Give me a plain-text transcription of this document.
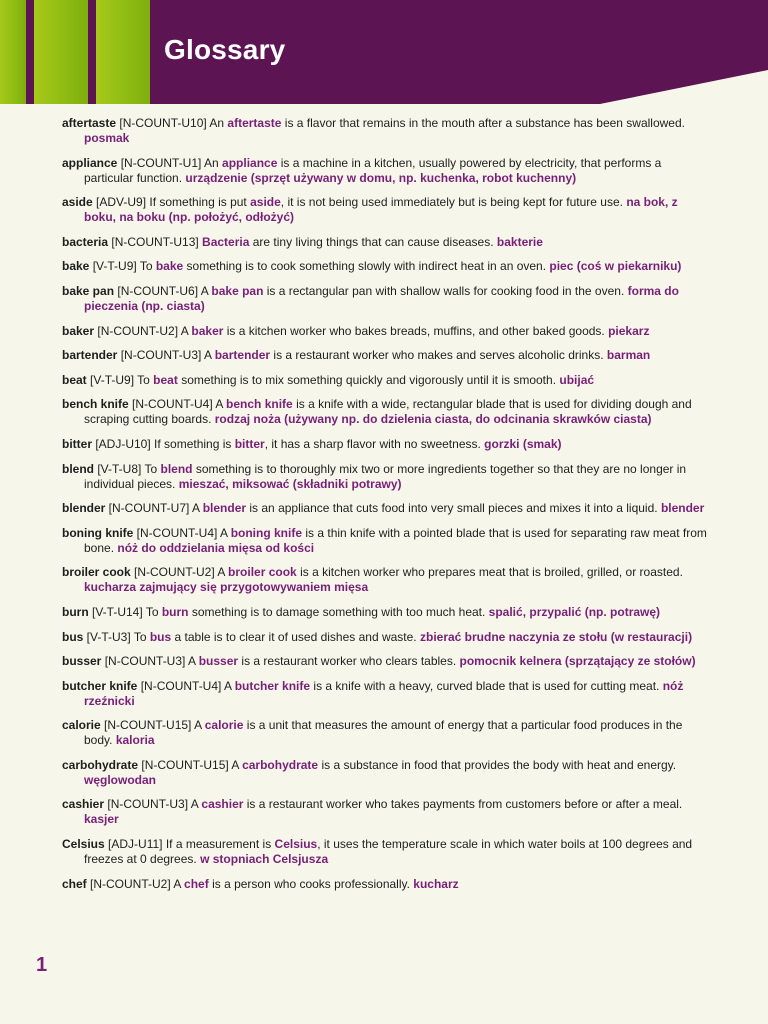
Glossary

aftertaste [N-COUNT-U10] An aftertaste is a flavor that remains in the mouth after a substance has been swallowed. posmak

appliance [N-COUNT-U1] An appliance is a machine in a kitchen, usually powered by electricity, that performs a particular function. urządzenie (sprzęt używany w domu, np. kuchenka, robot kuchenny)

aside [ADV-U9] If something is put aside, it is not being used immediately but is being kept for future use. na bok, z boku, na boku (np. położyć, odłożyć)

bacteria [N-COUNT-U13] Bacteria are tiny living things that can cause diseases. bakterie

bake [V-T-U9] To bake something is to cook something slowly with indirect heat in an oven. piec (coś w piekarniku)

bake pan [N-COUNT-U6] A bake pan is a rectangular pan with shallow walls for cooking food in the oven. forma do pieczenia (np. ciasta)

baker [N-COUNT-U2] A baker is a kitchen worker who bakes breads, muffins, and other baked goods. piekarz

bartender [N-COUNT-U3] A bartender is a restaurant worker who makes and serves alcoholic drinks. barman

beat [V-T-U9] To beat something is to mix something quickly and vigorously until it is smooth. ubijać

bench knife [N-COUNT-U4] A bench knife is a knife with a wide, rectangular blade that is used for dividing dough and scraping cutting boards. rodzaj noża (używany np. do dzielenia ciasta, do odcinania skrawków ciasta)

bitter [ADJ-U10] If something is bitter, it has a sharp flavor with no sweetness. gorzki (smak)

blend [V-T-U8] To blend something is to thoroughly mix two or more ingredients together so that they are no longer in individual pieces. mieszać, miksować (składniki potrawy)

blender [N-COUNT-U7] A blender is an appliance that cuts food into very small pieces and mixes it into a liquid. blender

boning knife [N-COUNT-U4] A boning knife is a thin knife with a pointed blade that is used for separating raw meat from bone. nóż do oddzielania mięsa od kości

broiler cook [N-COUNT-U2] A broiler cook is a kitchen worker who prepares meat that is broiled, grilled, or roasted. kucharza zajmujący się przygotowywaniem mięsa

burn [V-T-U14] To burn something is to damage something with too much heat. spalić, przypalić (np. potrawę)

bus [V-T-U3] To bus a table is to clear it of used dishes and waste. zbierać brudne naczynia ze stołu (w restauracji)

busser [N-COUNT-U3] A busser is a restaurant worker who clears tables. pomocnik kelnera (sprzątający ze stołów)

butcher knife [N-COUNT-U4] A butcher knife is a knife with a heavy, curved blade that is used for cutting meat. nóż rzeźnicki

calorie [N-COUNT-U15] A calorie is a unit that measures the amount of energy that a particular food produces in the body. kaloria

carbohydrate [N-COUNT-U15] A carbohydrate is a substance in food that provides the body with heat and energy. węglowodan

cashier [N-COUNT-U3] A cashier is a restaurant worker who takes payments from customers before or after a meal. kasjer

Celsius [ADJ-U11] If a measurement is Celsius, it uses the temperature scale in which water boils at 100 degrees and freezes at 0 degrees. w stopniach Celsjusza

chef [N-COUNT-U2] A chef is a person who cooks professionally. kucharz

1
